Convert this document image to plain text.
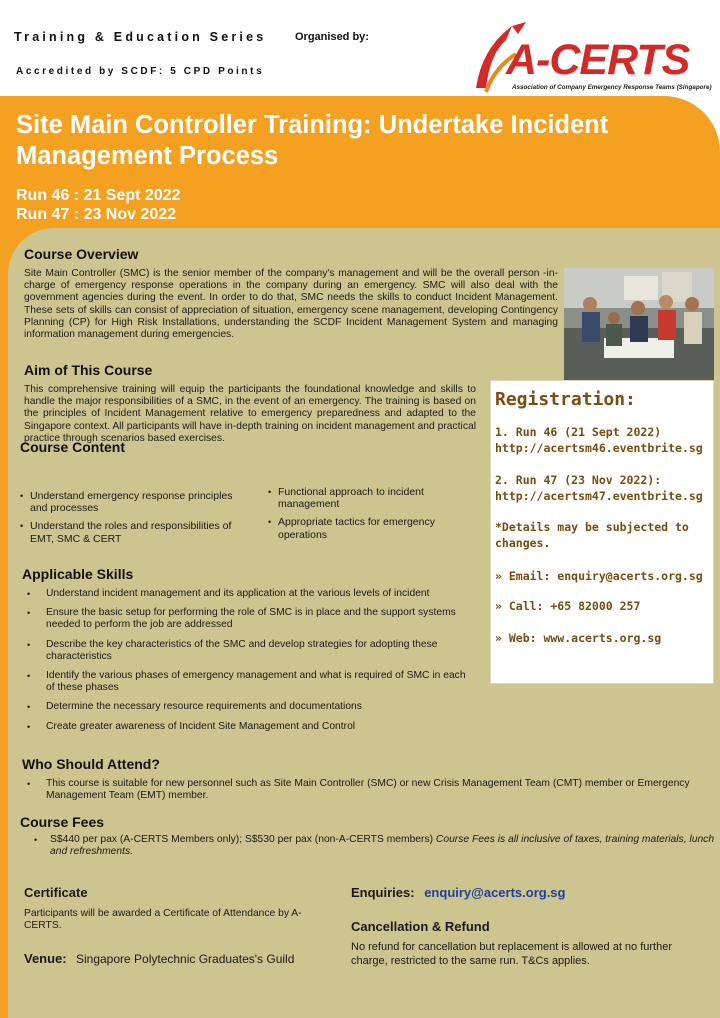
Training & Education Series
Accredited by SCDF: 5 CPD Points
Organised by:	A-CERTS
Association of Company Emergency Response Teams (Singapore)
Site Main Controller Training: Undertake Incident Management Process
Run 46 : 21 Sept 2022
Run 47 : 23 Nov 2022
Course Overview
Site Main Controller (SMC) is the senior member of the company's management and will be the overall person -in-charge of emergency response operations in the company during an emergency. SMC will also deal with the government agencies during the event. In order to do that, SMC needs the skills to conduct Incident Management. These sets of skills can consist of appreciation of situation, emergency scene management, developing Contingency Planning (CP) for High Risk Installations, understanding the SCDF Incident Management System and managing information management during emergencies.
Aim of This Course
This comprehensive training will equip the participants the foundational knowledge and skills to handle the major responsibilities of a SMC, in the event of an emergency. The training is based on the principles of Incident Management relative to emergency preparedness and adapted to the Singapore context. All participants will have in-depth training on incident management and practical practice through scenarios based exercises.
Registration:
1. Run 46 (21 Sept 2022)
http://acertsm46.eventbrite.sg
2. Run 47 (23 Nov 2022):
http://acertsm47.eventbrite.sg
*Details may be subjected to changes.
» Email: enquiry@acerts.org.sg
» Call: +65 82000 257
» Web: www.acerts.org.sg
Course Content
• Understand emergency response principles and processes
• Understand the roles and responsibilities of EMT, SMC & CERT
• Functional approach to incident management
• Appropriate tactics for emergency operations
Applicable Skills
• Understand incident management and its application at the various levels of incident
• Ensure the basic setup for performing the role of SMC is in place and the support systems needed to perform the job are addressed
• Describe the key characteristics of the SMC and develop strategies for adopting these characteristics
• Identify the various phases of emergency management and what is required of SMC in each of these phases
• Determine the necessary resource requirements and documentations
• Create greater awareness of Incident Site Management and Control
Who Should Attend?
• This course is suitable for new personnel such as Site Main Controller (SMC) or new Crisis Management Team (CMT) member or Emergency Management Team (EMT) member.
Course Fees
• S$440 per pax (A-CERTS Members only); S$530 per pax (non-A-CERTS members) Course Fees is all inclusive of taxes, training materials, lunch and refreshments.
Certificate
Participants will be awarded a Certificate of Attendance by A-CERTS.
Venue: Singapore Polytechnic Graduates's Guild
Enquiries: enquiry@acerts.org.sg
Cancellation & Refund
No refund for cancellation but replacement is allowed at no further charge, restricted to the same run. T&Cs applies.
